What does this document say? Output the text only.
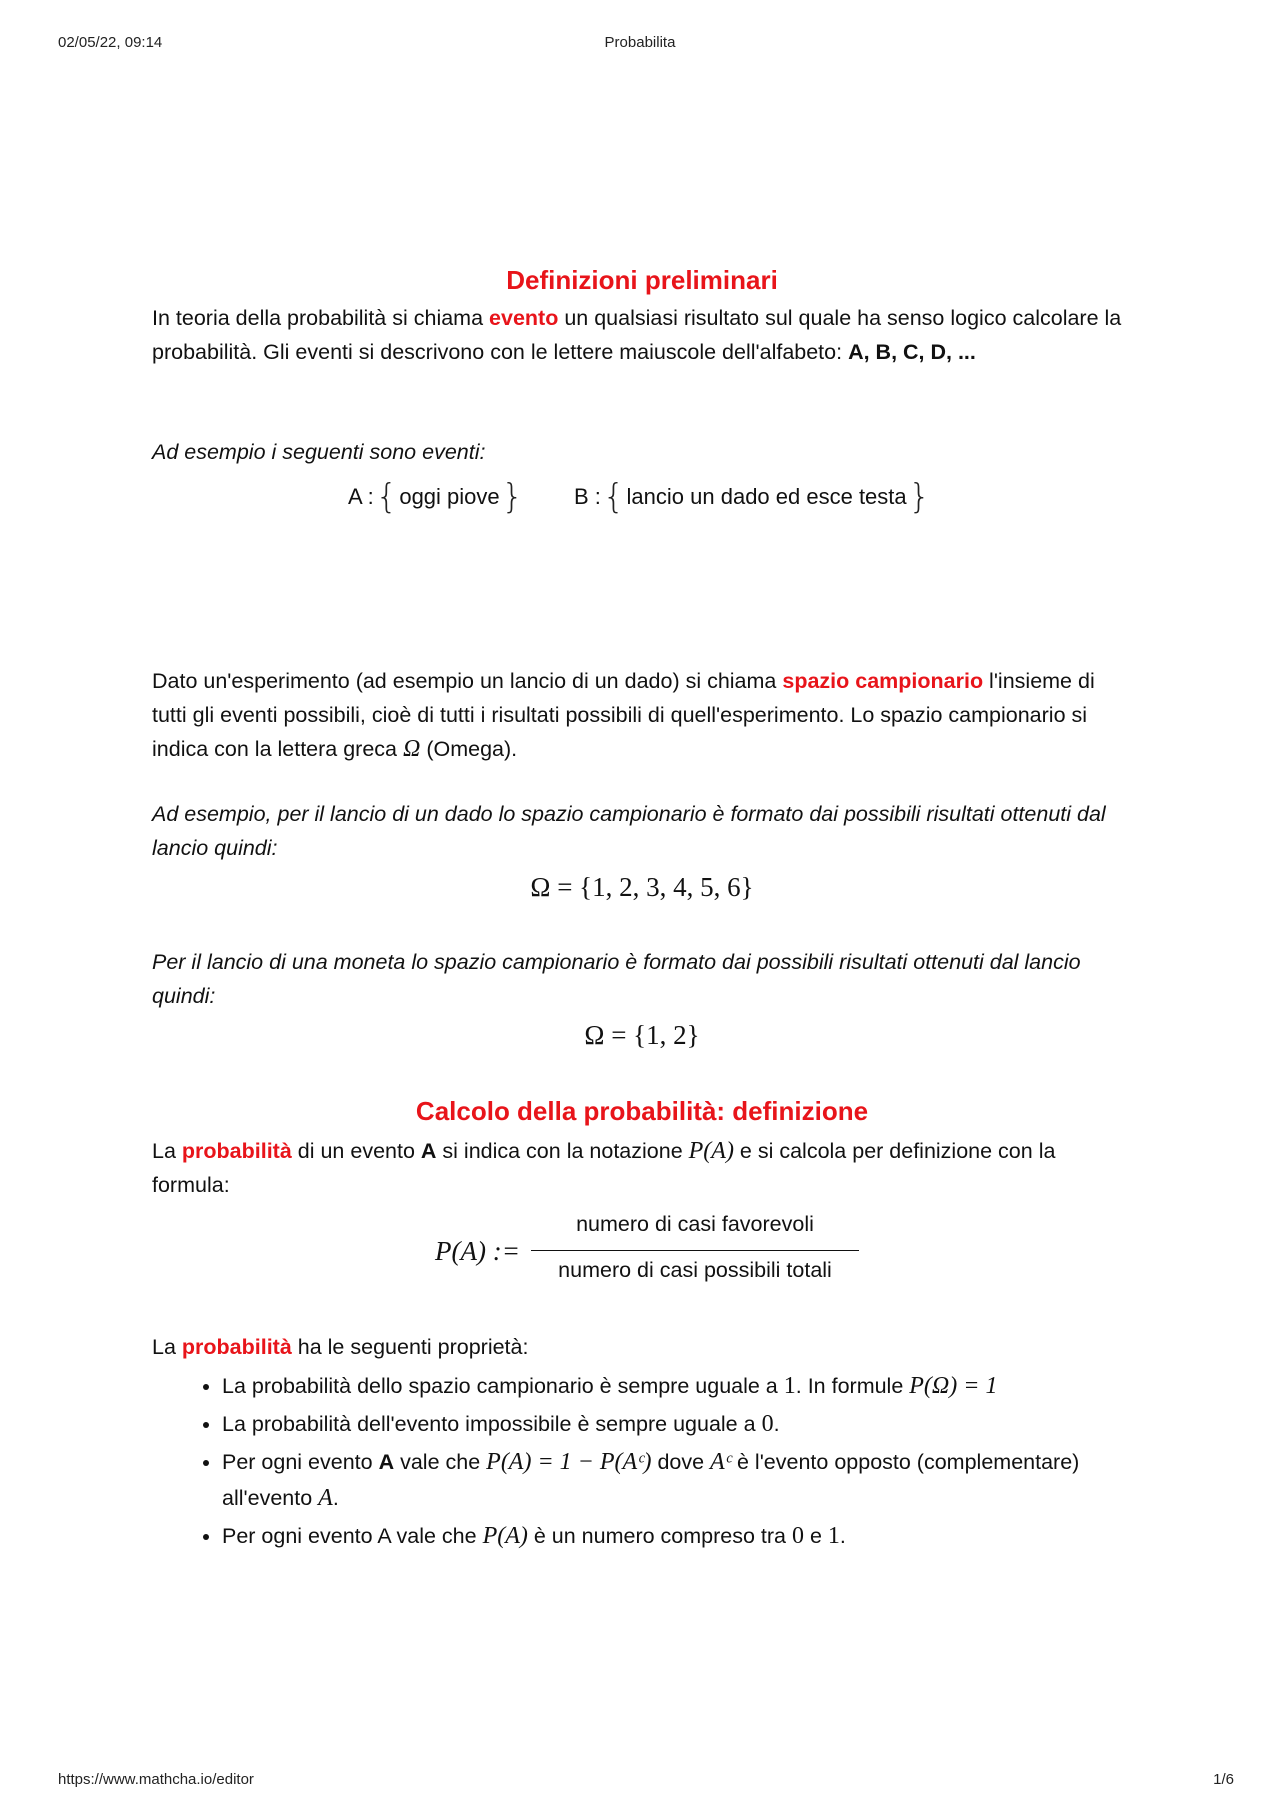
02/05/22, 09:14	Probabilita
https://www.mathcha.io/editor	1/6
Definizioni preliminari
In teoria della probabilità si chiama evento un qualsiasi risultato sul quale ha senso logico calcolare la probabilità. Gli eventi si descrivono con le lettere maiuscole dell'alfabeto: A, B, C, D, ...
Ad esempio i seguenti sono eventi:
A : { oggi piove } B : { lancio un dado ed esce testa }
Dato un'esperimento (ad esempio un lancio di un dado) si chiama spazio campionario l'insieme di tutti gli eventi possibili, cioè di tutti i risultati possibili di quell'esperimento. Lo spazio campionario si indica con la lettera greca Ω (Omega).
Ad esempio, per il lancio di un dado lo spazio campionario è formato dai possibili risultati ottenuti dal lancio quindi:
Ω = {1, 2, 3, 4, 5, 6}
Per il lancio di una moneta lo spazio campionario è formato dai possibili risultati ottenuti dal lancio quindi:
Ω = {1, 2}
Calcolo della probabilità: definizione
La probabilità di un evento A si indica con la notazione P(A) e si calcola per definizione con la formula:
P(A) :=
numero di casi favorevoli
numero di casi possibili totali
La probabilità ha le seguenti proprietà:
• La probabilità dello spazio campionario è sempre uguale a 1. In formule P(Ω) = 1
• La probabilità dell'evento impossibile è sempre uguale a 0.
• Per ogni evento A vale che P(A) = 1 − P(Aᶜ) dove Aᶜ è l'evento opposto (complementare) all'evento A.
• Per ogni evento A vale che P(A) è un numero compreso tra 0 e 1.
